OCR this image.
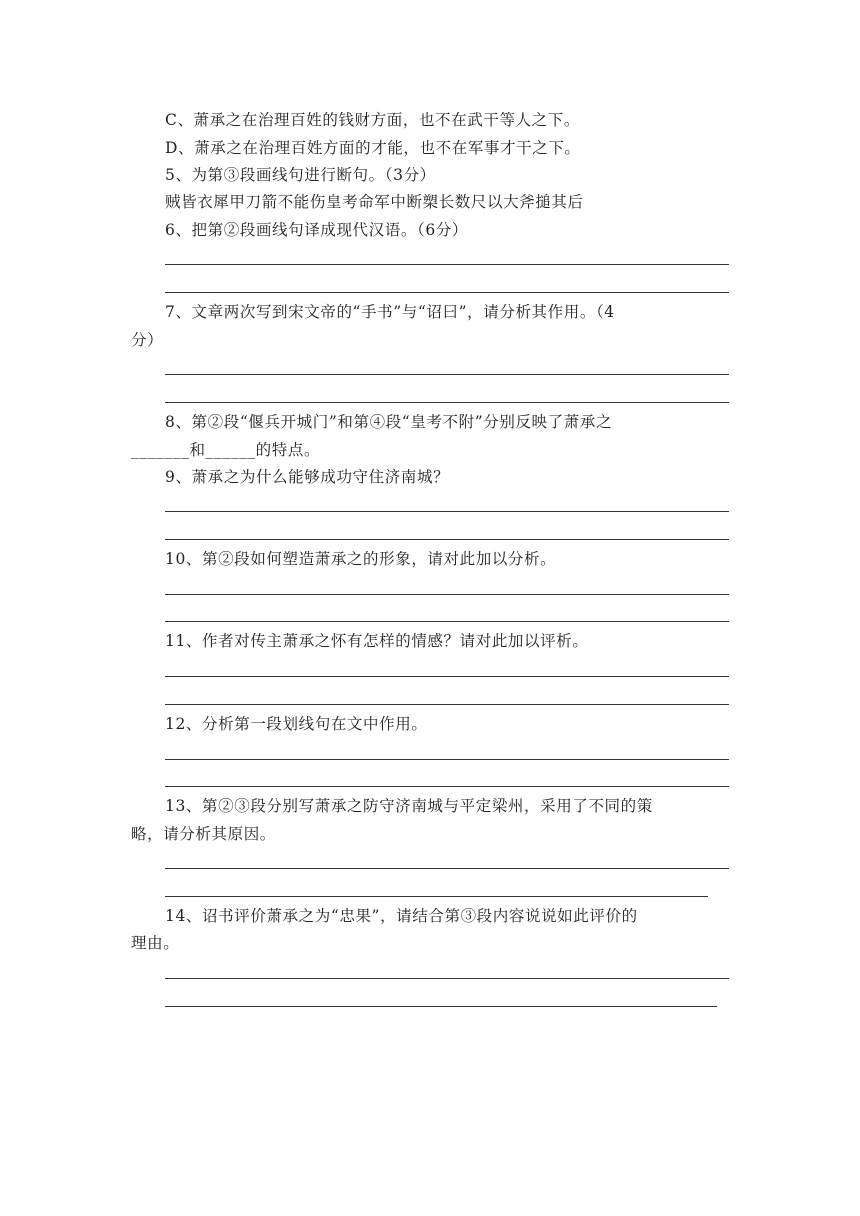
C、萧承之在治理百姓的钱财方面，也不在武干等人之下。
D、萧承之在治理百姓方面的才能，也不在军事才干之下。
5、为第③段画线句进行断句。（3分）
贼皆衣犀甲刀箭不能伤皇考命军中断槊长数尺以大斧搥其后
6、把第②段画线句译成现代汉语。（6分）
7、文章两次写到宋文帝的“手书”与“诏曰”，请分析其作用。（4
分）
8、第②段“偃兵开城门”和第④段“皇考不附”分别反映了萧承之
_______和______的特点。
9、萧承之为什么能够成功守住济南城？
10、第②段如何塑造萧承之的形象，请对此加以分析。
11、作者对传主萧承之怀有怎样的情感？请对此加以评析。
12、分析第一段划线句在文中作用。
13、第②③段分别写萧承之防守济南城与平定梁州，采用了不同的策
略，请分析其原因。
14、诏书评价萧承之为“忠果”，请结合第③段内容说说如此评价的
理由。
